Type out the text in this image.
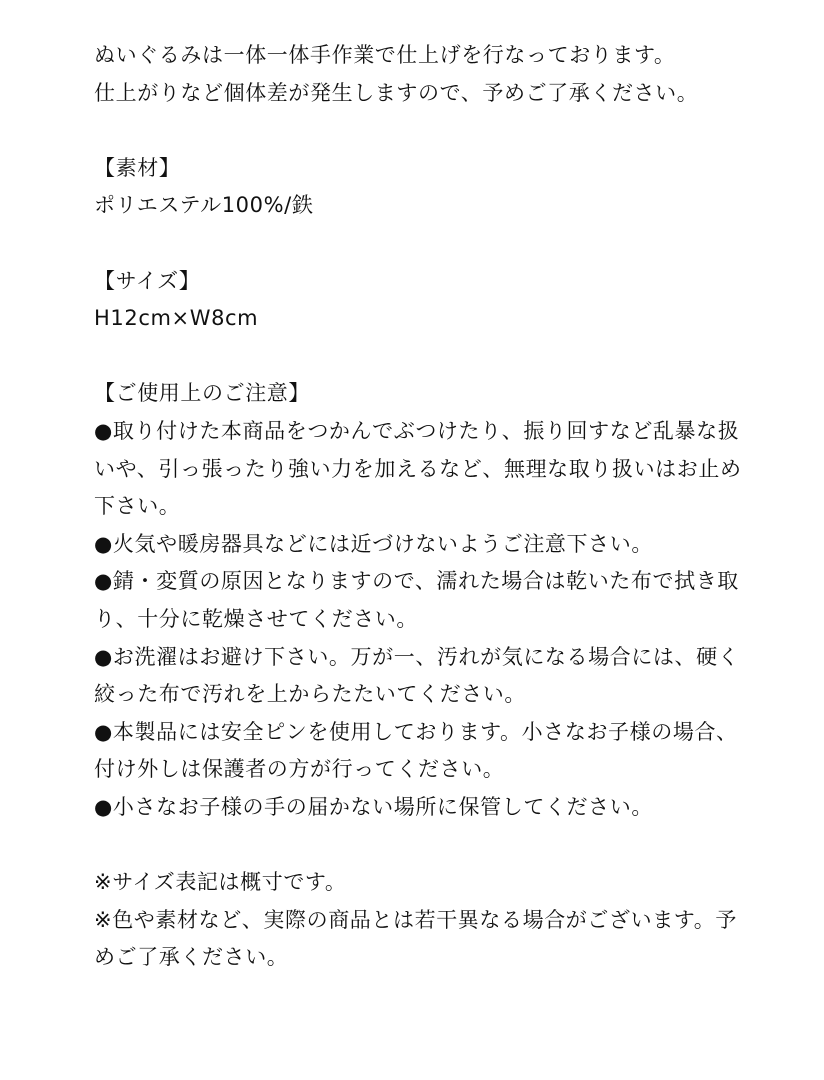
ぬいぐるみは一体一体手作業で仕上げを行なっております。
仕上がりなど個体差が発生しますので、予めご了承ください。
【素材】
ポリエステル100%/鉄
【サイズ】
H12cm×W8cm
【ご使用上のご注意】
●取り付けた本商品をつかんでぶつけたり、振り回すなど乱暴な扱
いや、引っ張ったり強い力を加えるなど、無理な取り扱いはお止め
下さい。
●火気や暖房器具などには近づけないようご注意下さい。
●錆・変質の原因となりますので、濡れた場合は乾いた布で拭き取
り、十分に乾燥させてください。
●お洗濯はお避け下さい。万が一、汚れが気になる場合には、硬く
絞った布で汚れを上からたたいてください。
●本製品には安全ピンを使用しております。小さなお子様の場合、
付け外しは保護者の方が行ってください。
●小さなお子様の手の届かない場所に保管してください。
※サイズ表記は概寸です。
※色や素材など、実際の商品とは若干異なる場合がございます。予
めご了承ください。
